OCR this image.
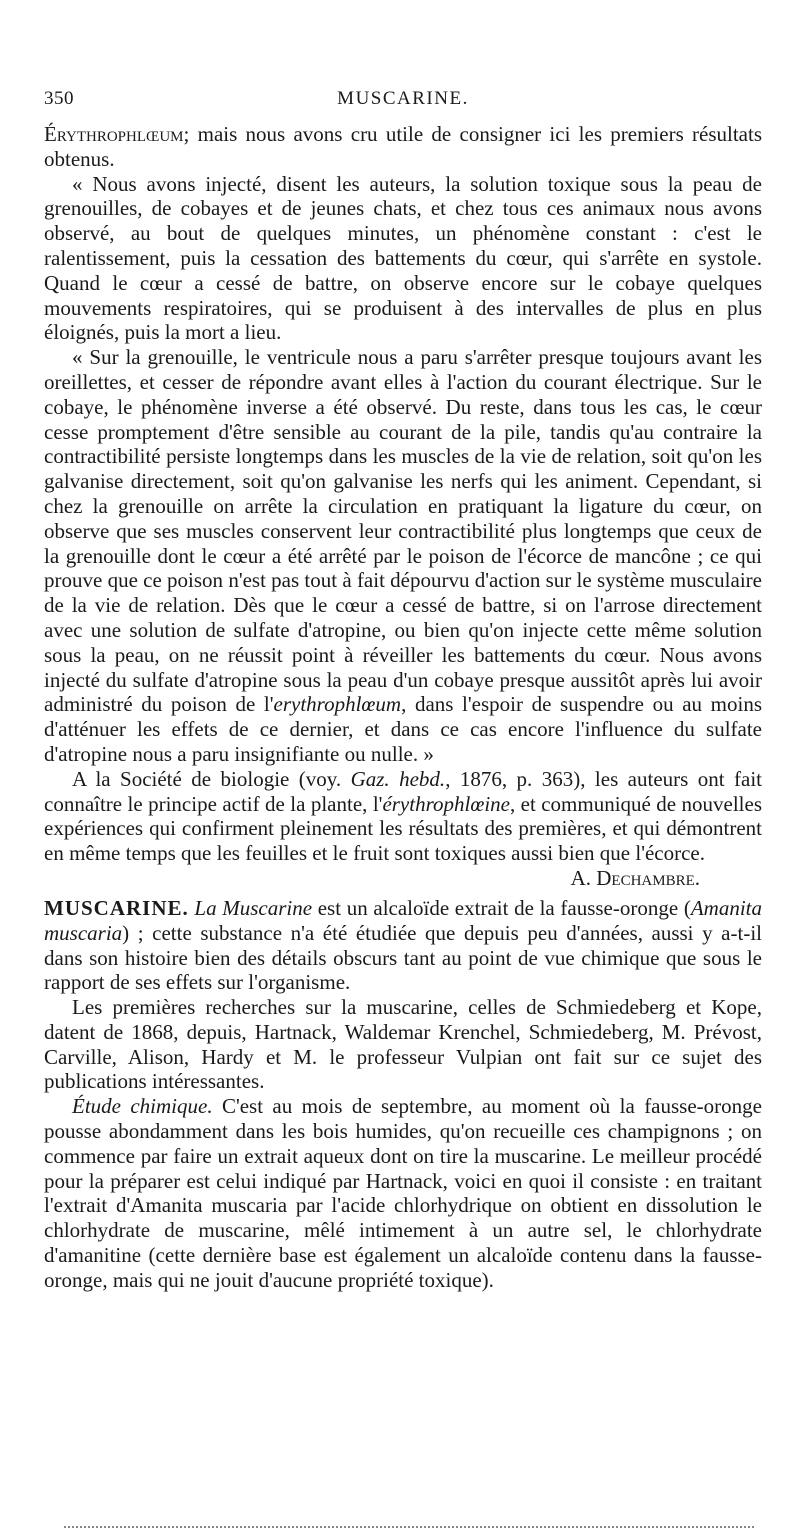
350	MUSCARINE.

Érythrophlœum; mais nous avons cru utile de consigner ici les premiers résultats obtenus.

« Nous avons injecté, disent les auteurs, la solution toxique sous la peau de grenouilles, de cobayes et de jeunes chats, et chez tous ces animaux nous avons observé, au bout de quelques minutes, un phénomène constant : c'est le ralentissement, puis la cessation des battements du cœur, qui s'arrête en systole. Quand le cœur a cessé de battre, on observe encore sur le cobaye quelques mouvements respiratoires, qui se produisent à des intervalles de plus en plus éloignés, puis la mort a lieu.

« Sur la grenouille, le ventricule nous a paru s'arrêter presque toujours avant les oreillettes, et cesser de répondre avant elles à l'action du courant électrique. Sur le cobaye, le phénomène inverse a été observé. Du reste, dans tous les cas, le cœur cesse promptement d'être sensible au courant de la pile, tandis qu'au contraire la contractibilité persiste longtemps dans les muscles de la vie de relation, soit qu'on les galvanise directement, soit qu'on galvanise les nerfs qui les animent. Cependant, si chez la grenouille on arrête la circulation en pratiquant la ligature du cœur, on observe que ses muscles conservent leur contractibilité plus longtemps que ceux de la grenouille dont le cœur a été arrêté par le poison de l'écorce de mancône ; ce qui prouve que ce poison n'est pas tout à fait dépourvu d'action sur le système musculaire de la vie de relation. Dès que le cœur a cessé de battre, si on l'arrose directement avec une solution de sulfate d'atropine, ou bien qu'on injecte cette même solution sous la peau, on ne réussit point à réveiller les battements du cœur. Nous avons injecté du sulfate d'atropine sous la peau d'un cobaye presque aussitôt après lui avoir administré du poison de l'erythrophlœum, dans l'espoir de suspendre ou au moins d'atténuer les effets de ce dernier, et dans ce cas encore l'influence du sulfate d'atropine nous a paru insignifiante ou nulle. »

A la Société de biologie (voy. Gaz. hebd., 1876, p. 363), les auteurs ont fait connaître le principe actif de la plante, l'érythrophlœine, et communiqué de nouvelles expériences qui confirment pleinement les résultats des premières, et qui démontrent en même temps que les feuilles et le fruit sont toxiques aussi bien que l'écorce.
A. Dechambre.

MUSCARINE. La Muscarine est un alcaloïde extrait de la fausse-oronge (Amanita muscaria) ; cette substance n'a été étudiée que depuis peu d'années, aussi y a-t-il dans son histoire bien des détails obscurs tant au point de vue chimique que sous le rapport de ses effets sur l'organisme.

Les premières recherches sur la muscarine, celles de Schmiedeberg et Kope, datent de 1868, depuis, Hartnack, Waldemar Krenchel, Schmiedeberg, M. Prévost, Carville, Alison, Hardy et M. le professeur Vulpian ont fait sur ce sujet des publications intéressantes.

Étude chimique. C'est au mois de septembre, au moment où la fausse-oronge pousse abondamment dans les bois humides, qu'on recueille ces champignons ; on commence par faire un extrait aqueux dont on tire la muscarine. Le meilleur procédé pour la préparer est celui indiqué par Hartnack, voici en quoi il consiste : en traitant l'extrait d'Amanita muscaria par l'acide chlorhydrique on obtient en dissolution le chlorhydrate de muscarine, mêlé intimement à un autre sel, le chlorhydrate d'amanitine (cette dernière base est également un alcaloïde contenu dans la fausse-oronge, mais qui ne jouit d'aucune propriété toxique).
